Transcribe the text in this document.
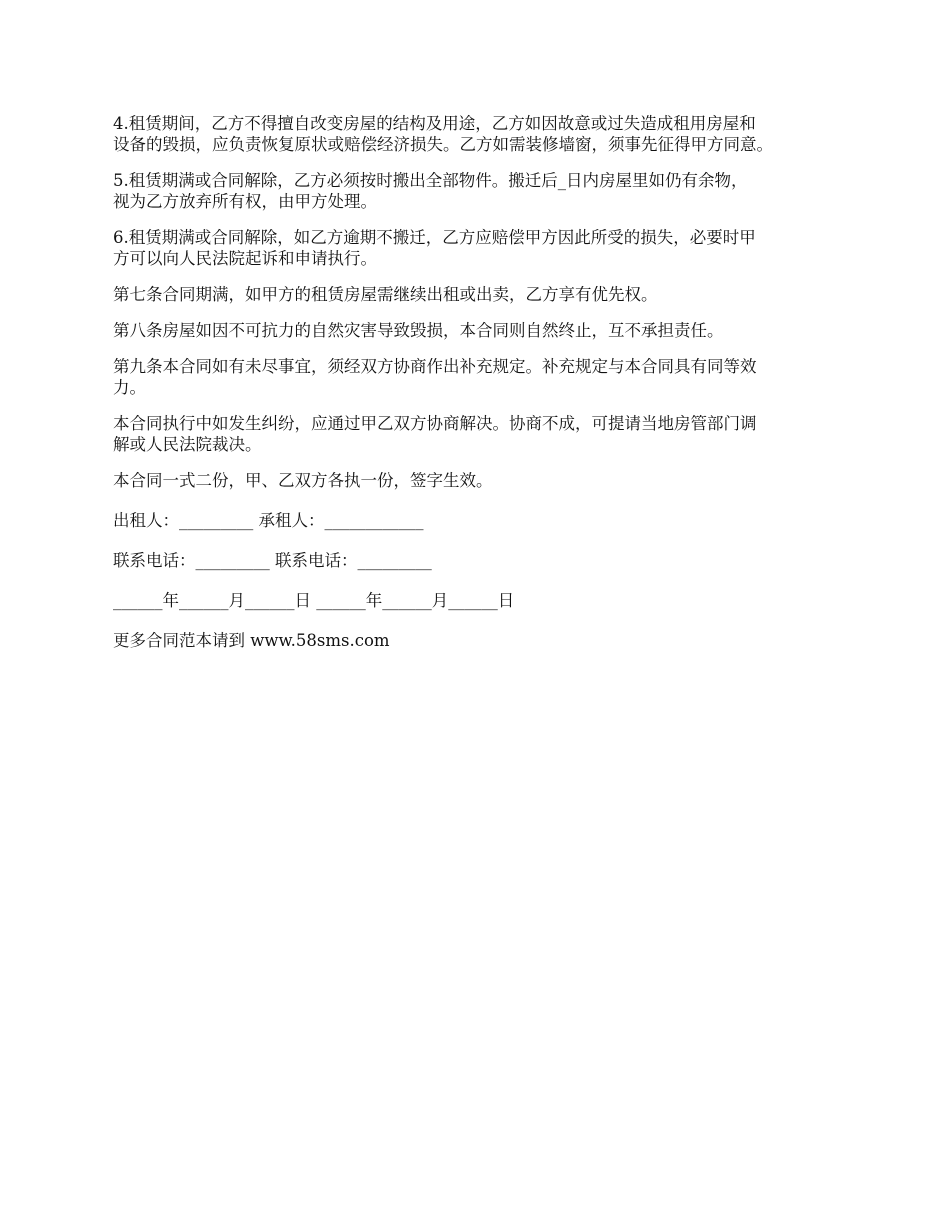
4.租赁期间，乙方不得擅自改变房屋的结构及用途，乙方如因故意或过失造成租用房屋和
设备的毁损，应负责恢复原状或赔偿经济损失。乙方如需装修墙窗，须事先征得甲方同意。

5.租赁期满或合同解除，乙方必须按时搬出全部物件。搬迁后_日内房屋里如仍有余物，
视为乙方放弃所有权，由甲方处理。

6.租赁期满或合同解除，如乙方逾期不搬迁，乙方应赔偿甲方因此所受的损失，必要时甲
方可以向人民法院起诉和申请执行。

第七条合同期满，如甲方的租赁房屋需继续出租或出卖，乙方享有优先权。

第八条房屋如因不可抗力的自然灾害导致毁损，本合同则自然终止，互不承担责任。

第九条本合同如有未尽事宜，须经双方协商作出补充规定。补充规定与本合同具有同等效
力。

本合同执行中如发生纠纷，应通过甲乙双方协商解决。协商不成，可提请当地房管部门调
解或人民法院裁决。

本合同一式二份，甲、乙双方各执一份，签字生效。

出租人：_________ 承租人：____________

联系电话：_________ 联系电话：_________

______年______月______日 ______年______月______日

更多合同范本请到 www.58sms.com
